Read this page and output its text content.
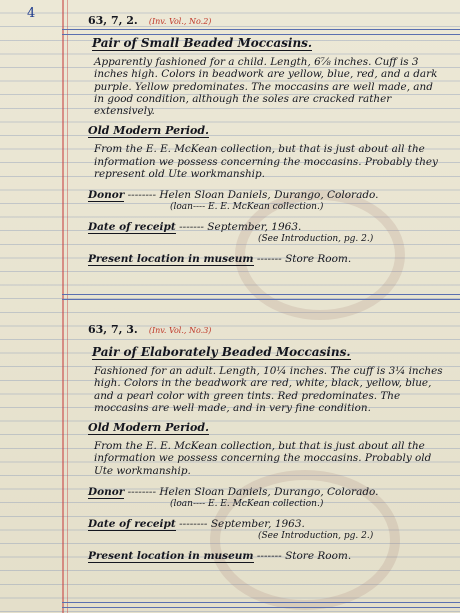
4	63, 7, 2. (Inv. Vol., No.2)
Pair of Small Beaded Moccasins.
Apparently fashioned for a child. Length, 6⅞ inches. Cuff is 3 inches high. Colors in beadwork are yellow, blue, red, and a dark purple. Yellow predominates. The moccasins are well made, and in good condition, although the soles are cracked rather extensively.
Old Modern Period.
From the E. E. McKean collection, but that is just about all the information we possess concerning the moccasins. Probably they represent old Ute workmanship.
Donor -------- Helen Sloan Daniels, Durango, Colorado.
(loan---- E. E. McKean collection.)
Date of receipt ------- September, 1963.
(See Introduction, pg. 2.)
Present location in museum ------- Store Room.
63, 7, 3. (Inv. Vol., No.3)
Pair of Elaborately Beaded Moccasins.
Fashioned for an adult. Length, 10¼ inches. The cuff is 3¼ inches high. Colors in the beadwork are red, white, black, yellow, blue, and a pearl color with green tints. Red predominates. The moccasins are well made, and in very fine condition.
Old Modern Period.
From the E. E. McKean collection, but that is just about all the information we possess concerning the moccasins. Probably old Ute workmanship.
Donor -------- Helen Sloan Daniels, Durango, Colorado.
(loan---- E. E. McKean collection.)
Date of receipt -------- September, 1963.
(See Introduction, pg. 2.)
Present location in museum ------- Store Room.
